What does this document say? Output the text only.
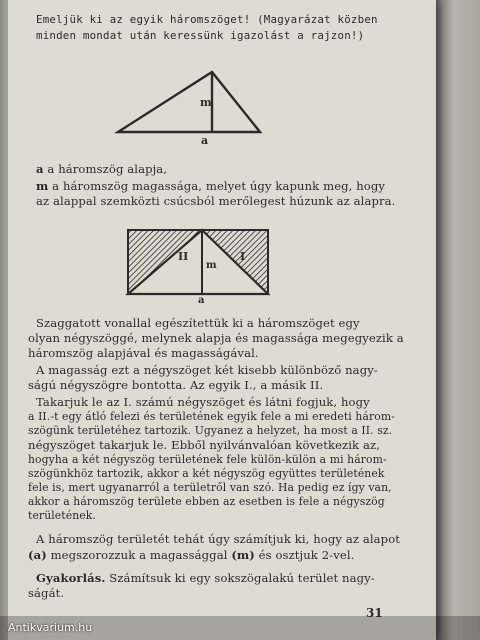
Emeljük ki az egyik háromszöget! (Magyarázat közben
minden mondat után keressünk igazolást a rajzon!)
m
a
a a háromszög alapja,
m a háromszög magassága, melyet úgy kapunk meg, hogy
az alappal szemközti csúcsból merőlegest húzunk az alapra.
II	I
m
a
Szaggatott vonallal egészítettük ki a háromszöget egy
olyan négyszöggé, melynek alapja és magassága megegyezik a
háromszög alapjával és magasságával.
A magasság ezt a négyszöget két kisebb különböző nagy-
ságú négyszögre bontotta. Az egyik I., a másik II.
Takarjuk le az I. számú négyszöget és látni fogjuk, hogy
a II.-t egy átló felezi és területének egyik fele a mi eredeti három-
szögünk területéhez tartozik. Ugyanez a helyzet, ha most a II. sz.
négyszöget takarjuk le. Ebből nyilvánvalóan következik az,
hogyha a két négyszög területének fele külön-külön a mi három-
szögünkhöz tartozik, akkor a két négyszög együttes területének
fele is, mert ugyanarról a területről van szó. Ha pedig ez így van,
akkor a háromszög területe ebben az esetben is fele a négyszög
területének.
A háromszög területét tehát úgy számítjuk ki, hogy az alapot
(a) megszorozzuk a magassággal (m) és osztjuk 2-vel.
Gyakorlás. Számítsuk ki egy sokszögalakú terület nagy-
ságát.
31
Antikvarium.hu
